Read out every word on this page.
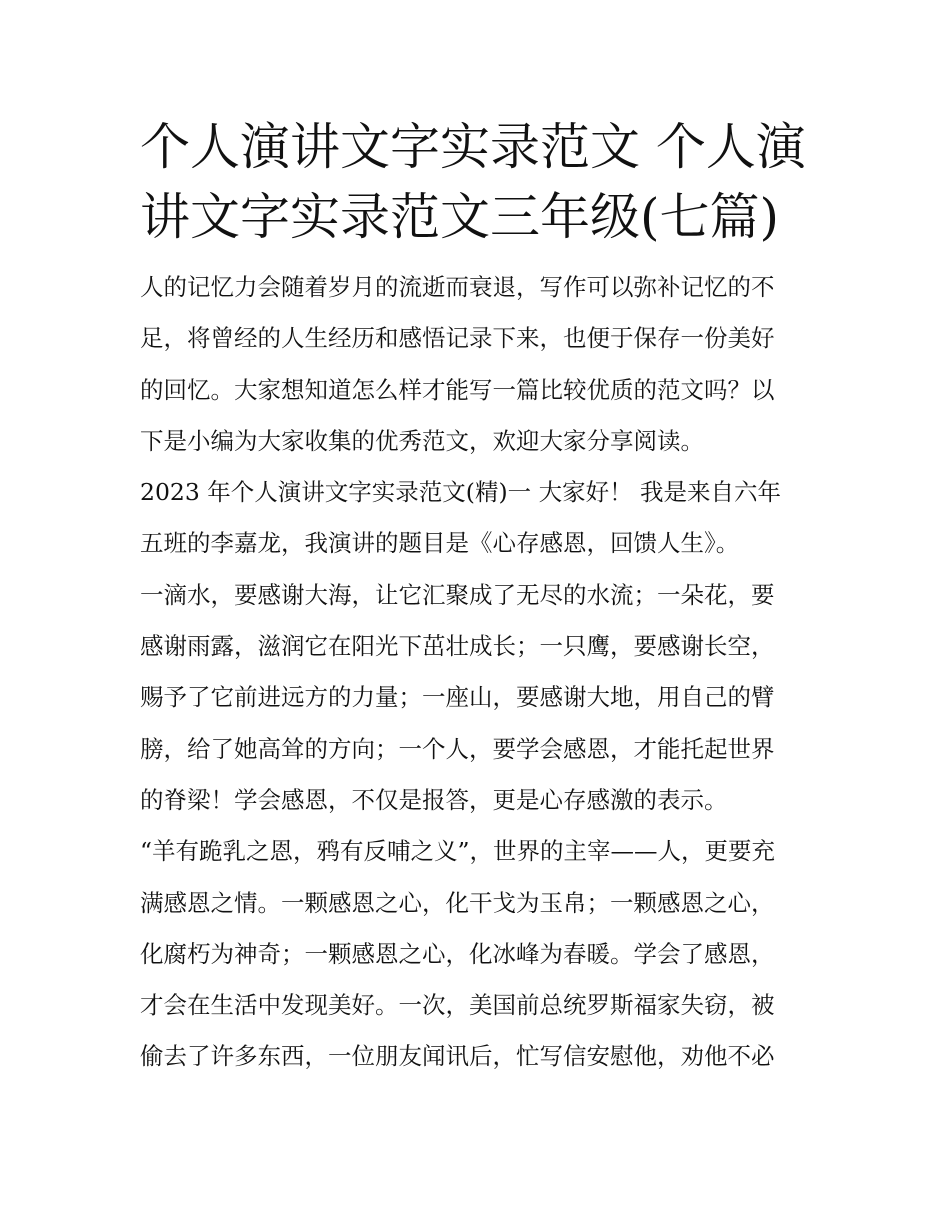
个人演讲文字实录范文 个人演
讲文字实录范文三年级(七篇)

人的记忆力会随着岁月的流逝而衰退，写作可以弥补记忆的不
足，将曾经的人生经历和感悟记录下来，也便于保存一份美好
的回忆。大家想知道怎么样才能写一篇比较优质的范文吗？以
下是小编为大家收集的优秀范文，欢迎大家分享阅读。

2023 年个人演讲文字实录范文(精)一 大家好！ 我是来自六年
五班的李嘉龙，我演讲的题目是《心存感恩，回馈人生》。

一滴水，要感谢大海，让它汇聚成了无尽的水流；一朵花，要
感谢雨露，滋润它在阳光下茁壮成长；一只鹰，要感谢长空，
赐予了它前进远方的力量；一座山，要感谢大地，用自己的臂
膀，给了她高耸的方向；一个人，要学会感恩，才能托起世界
的脊梁！学会感恩，不仅是报答，更是心存感激的表示。

“羊有跪乳之恩，鸦有反哺之义”，世界的主宰——人，更要充
满感恩之情。一颗感恩之心，化干戈为玉帛；一颗感恩之心，
化腐朽为神奇；一颗感恩之心，化冰峰为春暖。学会了感恩，
才会在生活中发现美好。一次，美国前总统罗斯福家失窃，被
偷去了许多东西，一位朋友闻讯后，忙写信安慰他，劝他不必
